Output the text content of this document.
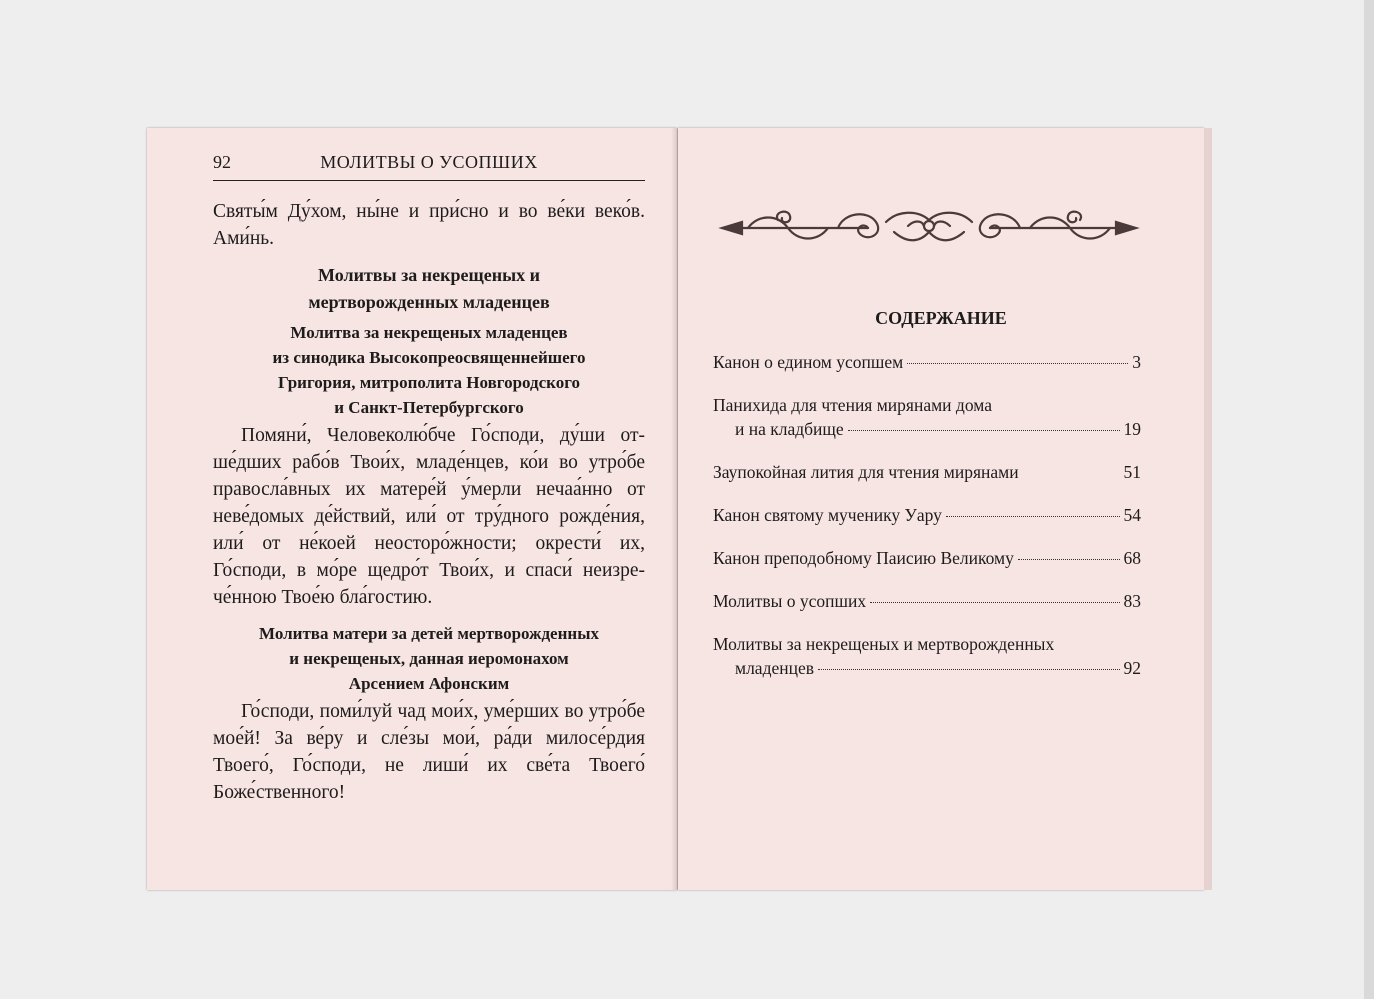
92	МОЛИТВЫ О УСОПШИХ

Святы́м Ду́хом, ны́не и при́сно и во ве́ки веко́в. Ами́нь.

Молитвы за некрещеных и
мертворожденных младенцев
Молитва за некрещеных младенцев
из синодика Высокопреосвященнейшего
Григория, митрополита Новгородского
и Санкт-Петербургского

Помяни́, Человеколю́бче Го́споди, ду́ши отше́дших рабо́в Твои́х, младе́нцев, ко́и во утро́бе правосла́вных их матере́й у́мерли нечаа́нно от неве́домых де́йствий, или́ от тру́дного рожде́ния, или́ от не́коей неосторо́жности; окрести́ их, Го́споди, в мо́ре щедро́т Твои́х, и спаси́ неизрече́нною Твое́ю бла́гостию.

Молитва матери за детей мертворожденных
и некрещеных, данная иеромонахом
Арсением Афонским

Го́споди, поми́луй чад мои́х, уме́рших во утро́бе мое́й! За ве́ру и сле́зы мои́, ра́ди милосе́рдия Твоего́, Го́споди, не лиши́ их све́та Твоего́ Боже́ственного!

СОДЕРЖАНИЕ
Канон о едином усопшем	3
Панихида для чтения мирянами дома
и на кладбище	19
Заупокойная лития для чтения мирянами	51
Канон святому мученику Уару	54
Канон преподобному Паисию Великому	68
Молитвы о усопших	83
Молитвы за некрещеных и мертворожденных
младенцев	92
